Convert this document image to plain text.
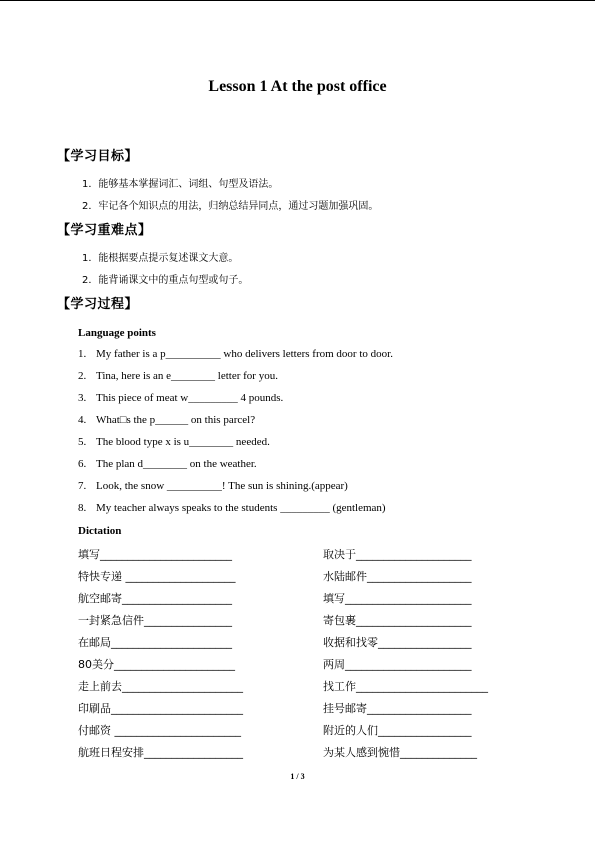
Lesson 1 At the post office
【学习目标】
1．能够基本掌握词汇、词组、句型及语法。
2．牢记各个知识点的用法，归纳总结异同点，通过习题加强巩固。
【学习重难点】
1．能根据要点提示复述课文大意。
2．能背诵课文中的重点句型或句子。
【学习过程】
Language points
1. My father is a p__________ who delivers letters from door to door.
2. Tina, here is an e________ letter for you.
3. This piece of meat w_________ 4 pounds.
4. What□s the p______ on this parcel?
5. The blood type x is u________ needed.
6. The plan d________ on the weather.
7. Look, the snow __________! The sun is shining.(appear)
8. My teacher always speaks to the students _________ (gentleman)
Dictation
填写________________________
特快专递 ____________________
航空邮寄____________________
一封紧急信件________________
在邮局______________________
80美分______________________
走上前去______________________
印刷品________________________
付邮资 _______________________
航班日程安排__________________
取决于_____________________
水陆邮件___________________
填写_______________________
寄包裹_____________________
收据和找零_________________
两周_______________________
找工作________________________
挂号邮寄___________________
附近的人们_________________
为某人感到惋惜______________
1 / 3
